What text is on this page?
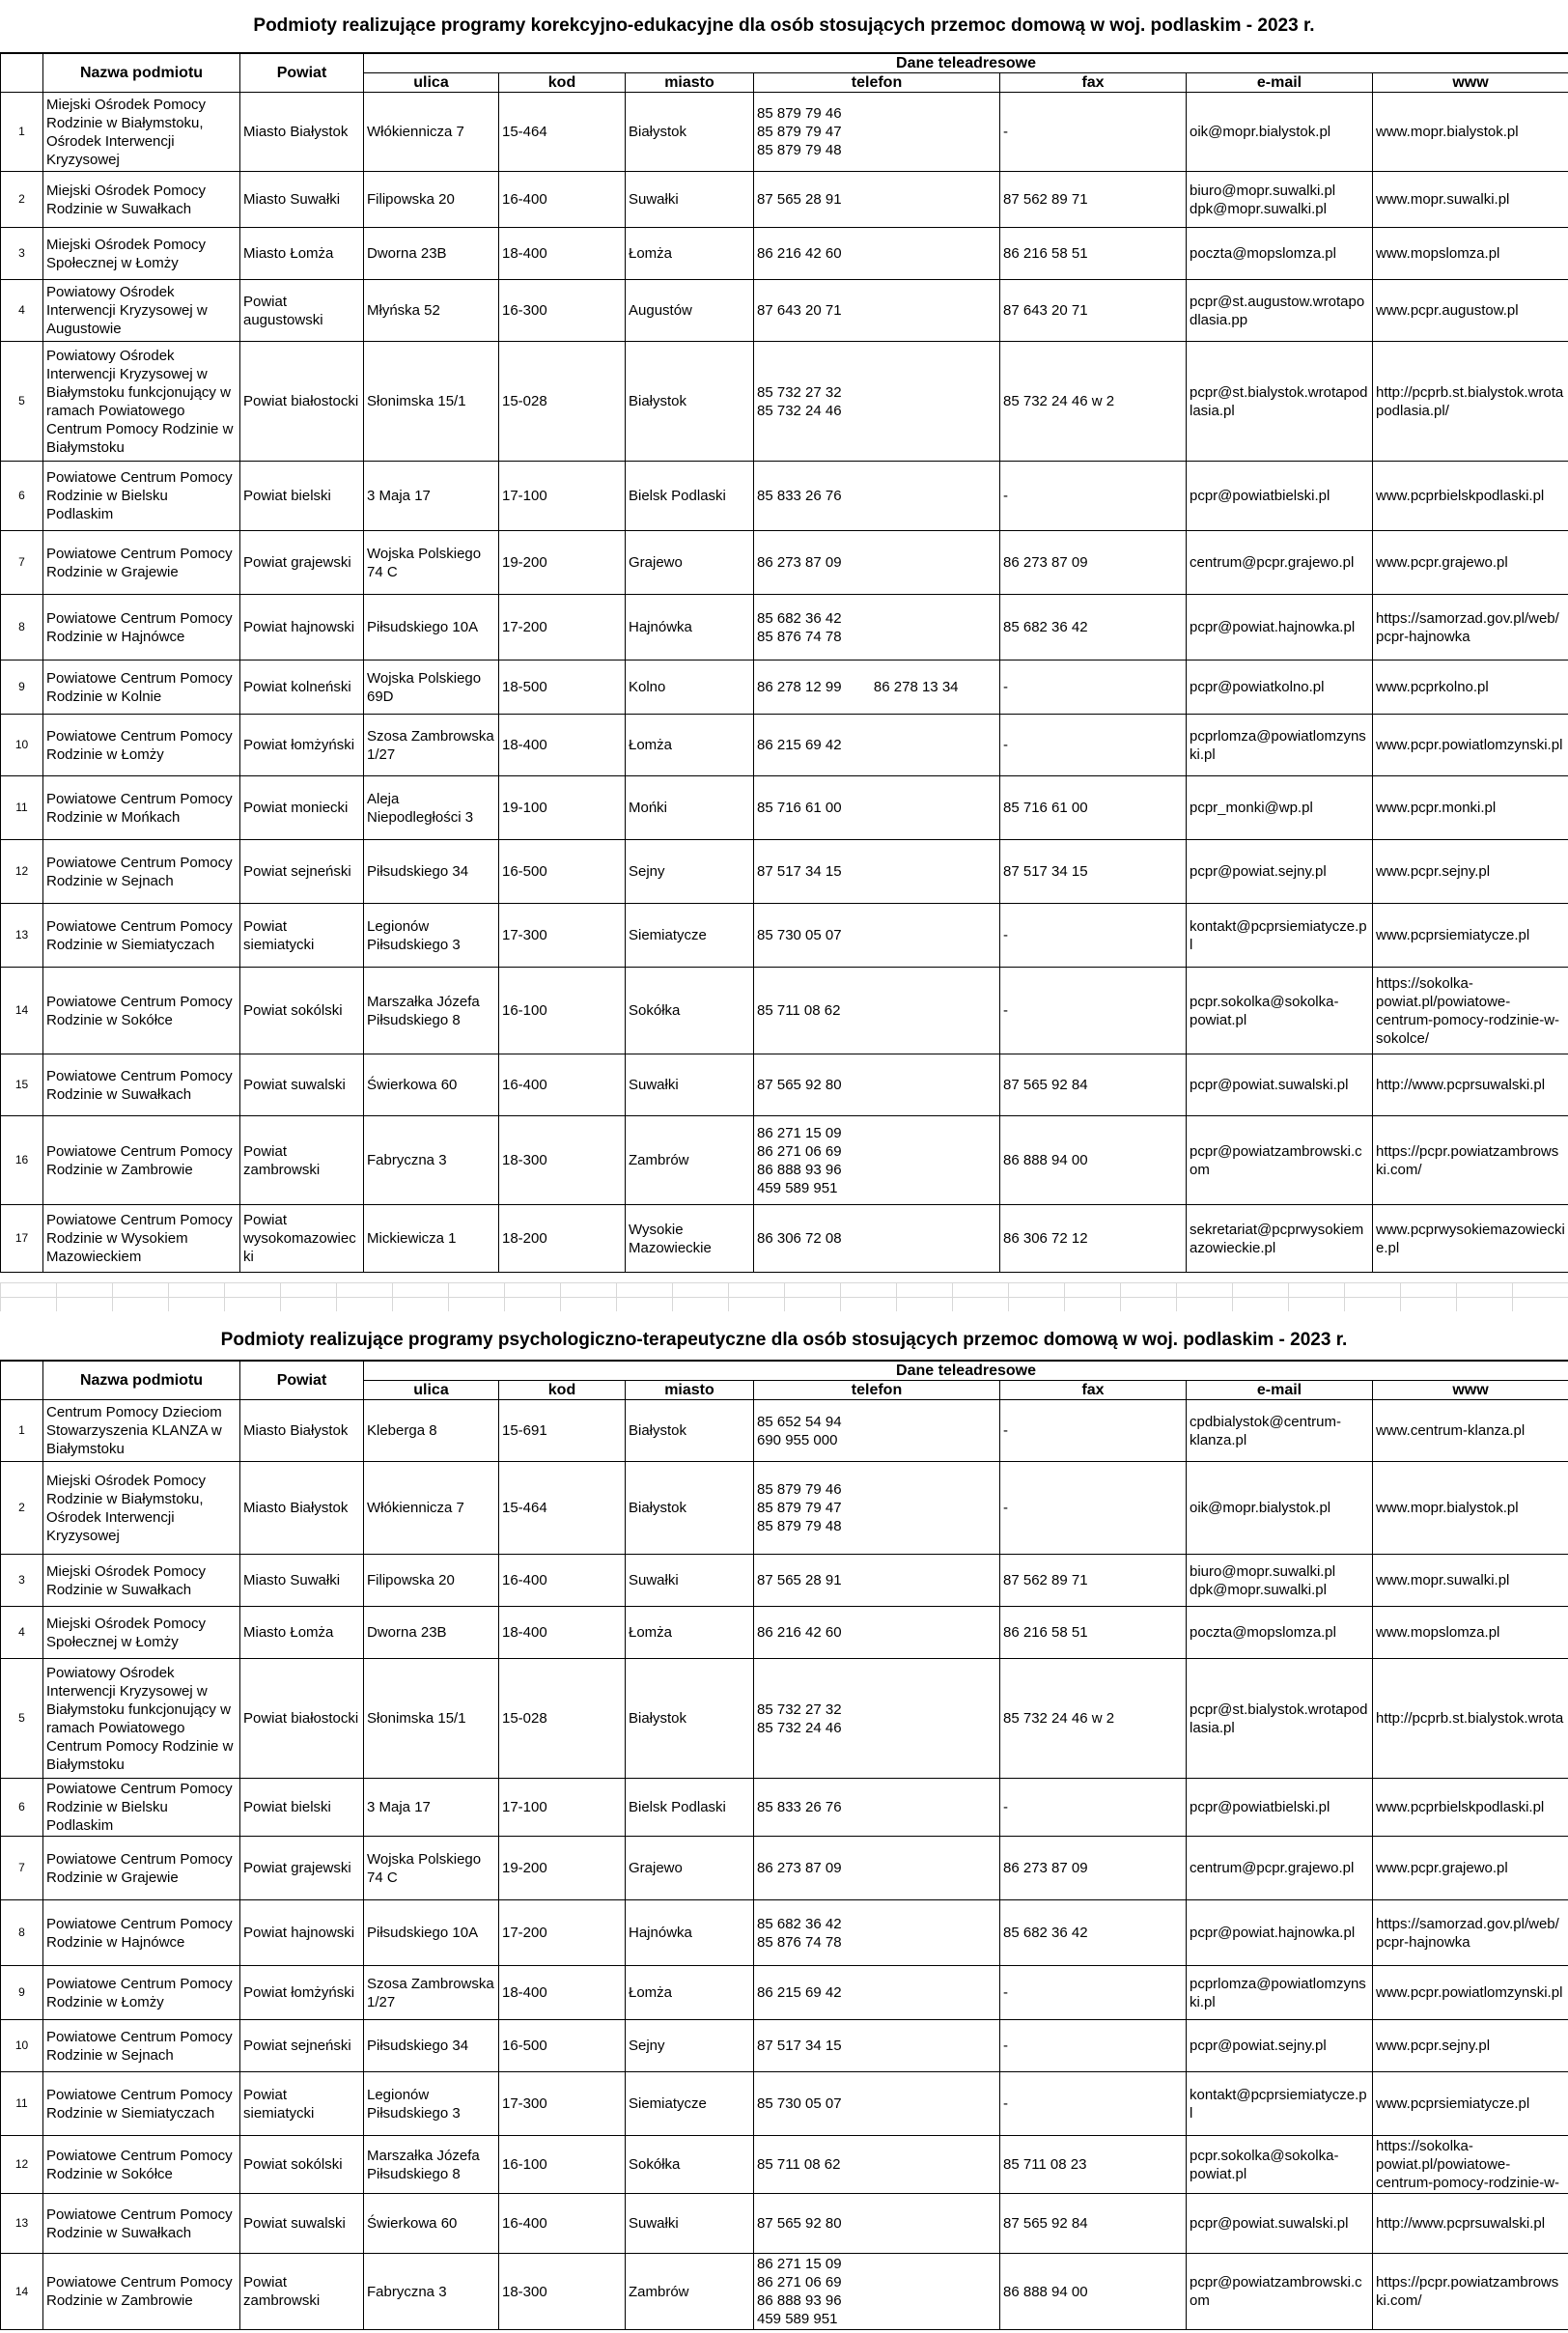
Podmioty realizujące programy korekcyjno-edukacyjne dla osób stosujących przemoc domową w woj. podlaskim - 2023 r.
	Nazwa podmiotu	Powiat	Dane teleadresowe						
			ulica	kod	miasto	telefon	fax	e-mail	www
1	Miejski Ośrodek Pomocy Rodzinie w Białymstoku, Ośrodek Interwencji Kryzysowej	Miasto Białystok	Włókiennicza 7	15-464	Białystok	85 879 79 46
85 879 79 47
85 879 79 48	-	oik@mopr.bialystok.pl	www.mopr.bialystok.pl
2	Miejski Ośrodek Pomocy Rodzinie w Suwałkach	Miasto Suwałki	Filipowska 20	16-400	Suwałki	87 565 28 91	87 562 89 71	biuro@mopr.suwalki.pl
dpk@mopr.suwalki.pl	www.mopr.suwalki.pl
3	Miejski Ośrodek Pomocy Społecznej w Łomży	Miasto Łomża	Dworna 23B	18-400	Łomża	86 216 42 60	86 216 58 51	poczta@mopslomza.pl	www.mopslomza.pl
4	Powiatowy Ośrodek Interwencji Kryzysowej w Augustowie	Powiat augustowski	Młyńska 52	16-300	Augustów	87 643 20 71	87 643 20 71	pcpr@st.augustow.wrotapodlasia.pp	www.pcpr.augustow.pl
5	Powiatowy Ośrodek Interwencji Kryzysowej w Białymstoku funkcjonujący w ramach Powiatowego Centrum Pomocy Rodzinie w Białymstoku	Powiat białostocki	Słonimska 15/1	15-028	Białystok	85 732 27 32
85 732 24 46	85 732 24 46 w 2	pcpr@st.bialystok.wrotapodlasia.pl	http://pcprb.st.bialystok.wrotapodlasia.pl/
6	Powiatowe Centrum Pomocy Rodzinie w Bielsku Podlaskim	Powiat bielski	3 Maja 17	17-100	Bielsk Podlaski	85 833 26 76	-	pcpr@powiatbielski.pl	www.pcprbielskpodlaski.pl
7	Powiatowe Centrum Pomocy Rodzinie w Grajewie	Powiat grajewski	Wojska Polskiego 74 C	19-200	Grajewo	86 273 87 09	86 273 87 09	centrum@pcpr.grajewo.pl	www.pcpr.grajewo.pl
8	Powiatowe Centrum Pomocy Rodzinie w Hajnówce	Powiat hajnowski	Piłsudskiego 10A	17-200	Hajnówka	85 682 36 42
85 876 74 78	85 682 36 42	pcpr@powiat.hajnowka.pl	https://samorzad.gov.pl/web/pcpr-hajnowka
9	Powiatowe Centrum Pomocy Rodzinie w Kolnie	Powiat kolneński	Wojska Polskiego 69D	18-500	Kolno	86 278 12 99        86 278 13 34	-	pcpr@powiatkolno.pl	www.pcprkolno.pl
10	Powiatowe Centrum Pomocy Rodzinie w Łomży	Powiat łomżyński	Szosa Zambrowska 1/27	18-400	Łomża	86 215 69 42	-	pcprlomza@powiatlomzynski.pl	www.pcpr.powiatlomzynski.pl
11	Powiatowe Centrum Pomocy Rodzinie w Mońkach	Powiat moniecki	Aleja Niepodległości 3	19-100	Mońki	85 716 61 00	85 716 61 00	pcpr_monki@wp.pl	www.pcpr.monki.pl
12	Powiatowe Centrum Pomocy Rodzinie w Sejnach	Powiat sejneński	Piłsudskiego 34	16-500	Sejny	87 517 34 15	87 517 34 15	pcpr@powiat.sejny.pl	www.pcpr.sejny.pl
13	Powiatowe Centrum Pomocy Rodzinie w Siemiatyczach	Powiat siemiatycki	Legionów Piłsudskiego 3	17-300	Siemiatycze	85 730 05 07	-	kontakt@pcprsiemiatycze.pl	www.pcprsiemiatycze.pl
14	Powiatowe Centrum Pomocy Rodzinie w Sokółce	Powiat sokólski	Marszałka Józefa Piłsudskiego 8	16-100	Sokółka	85 711 08 62	-	pcpr.sokolka@sokolka-powiat.pl	https://sokolka-powiat.pl/powiatowe-centrum-pomocy-rodzinie-w-sokolce/
15	Powiatowe Centrum Pomocy Rodzinie w Suwałkach	Powiat suwalski	Świerkowa 60	16-400	Suwałki	87 565 92 80	87 565 92 84	pcpr@powiat.suwalski.pl	http://www.pcprsuwalski.pl
16	Powiatowe Centrum Pomocy Rodzinie w Zambrowie	Powiat zambrowski	Fabryczna 3	18-300	Zambrów	86 271 15 09
86 271 06 69
86 888 93 96
459 589 951	86 888 94 00	pcpr@powiatzambrowski.com	https://pcpr.powiatzambrowski.com/
17	Powiatowe Centrum Pomocy Rodzinie w Wysokiem Mazowieckiem	Powiat wysokomazowiecki	Mickiewicza 1	18-200	Wysokie Mazowieckie	86 306 72 08	86 306 72 12	sekretariat@pcprwysokiemazowieckie.pl	www.pcprwysokiemazowieckie.pl
Podmioty realizujące programy psychologiczno-terapeutyczne dla osób stosujących przemoc domową w woj. podlaskim - 2023 r.
	Nazwa podmiotu	Powiat	Dane teleadresowe						
			ulica	kod	miasto	telefon	fax	e-mail	www
1	Centrum Pomocy Dzieciom Stowarzyszenia KLANZA w Białymstoku	Miasto Białystok	Kleberga 8	15-691	Białystok	85 652 54 94
690 955 000	-	cpdbialystok@centrum-klanza.pl	www.centrum-klanza.pl
2	Miejski Ośrodek Pomocy Rodzinie w Białymstoku, Ośrodek Interwencji Kryzysowej	Miasto Białystok	Włókiennicza 7	15-464	Białystok	85 879 79 46
85 879 79 47
85 879 79 48	-	oik@mopr.bialystok.pl	www.mopr.bialystok.pl
3	Miejski Ośrodek Pomocy Rodzinie w Suwałkach	Miasto Suwałki	Filipowska 20	16-400	Suwałki	87 565 28 91	87 562 89 71	biuro@mopr.suwalki.pl
dpk@mopr.suwalki.pl	www.mopr.suwalki.pl
4	Miejski Ośrodek Pomocy Społecznej w Łomży	Miasto Łomża	Dworna 23B	18-400	Łomża	86 216 42 60	86 216 58 51	poczta@mopslomza.pl	www.mopslomza.pl
5	Powiatowy Ośrodek Interwencji Kryzysowej w Białymstoku funkcjonujący w ramach Powiatowego Centrum Pomocy Rodzinie w Białymstoku	Powiat białostocki	Słonimska 15/1	15-028	Białystok	85 732 27 32
85 732 24 46	85 732 24 46 w 2	pcpr@st.bialystok.wrotapodlasia.pl	http://pcprb.st.bialystok.wrota
6	Powiatowe Centrum Pomocy Rodzinie w Bielsku Podlaskim	Powiat bielski	3 Maja 17	17-100	Bielsk Podlaski	85 833 26 76	-	pcpr@powiatbielski.pl	www.pcprbielskpodlaski.pl
7	Powiatowe Centrum Pomocy Rodzinie w Grajewie	Powiat grajewski	Wojska Polskiego 74 C	19-200	Grajewo	86 273 87 09	86 273 87 09	centrum@pcpr.grajewo.pl	www.pcpr.grajewo.pl
8	Powiatowe Centrum Pomocy Rodzinie w Hajnówce	Powiat hajnowski	Piłsudskiego 10A	17-200	Hajnówka	85 682 36 42
85 876 74 78	85 682 36 42	pcpr@powiat.hajnowka.pl	https://samorzad.gov.pl/web/pcpr-hajnowka
9	Powiatowe Centrum Pomocy Rodzinie w Łomży	Powiat łomżyński	Szosa Zambrowska 1/27	18-400	Łomża	86 215 69 42	-	pcprlomza@powiatlomzynski.pl	www.pcpr.powiatlomzynski.pl
10	Powiatowe Centrum Pomocy Rodzinie w Sejnach	Powiat sejneński	Piłsudskiego 34	16-500	Sejny	87 517 34 15	-	pcpr@powiat.sejny.pl	www.pcpr.sejny.pl
11	Powiatowe Centrum Pomocy Rodzinie w Siemiatyczach	Powiat siemiatycki	Legionów Piłsudskiego 3	17-300	Siemiatycze	85 730 05 07	-	kontakt@pcprsiemiatycze.pl	www.pcprsiemiatycze.pl
12	Powiatowe Centrum Pomocy Rodzinie w Sokółce	Powiat sokólski	Marszałka Józefa Piłsudskiego 8	16-100	Sokółka	85 711 08 62	85 711 08 23	pcpr.sokolka@sokolka-powiat.pl	https://sokolka-powiat.pl/powiatowe-centrum-pomocy-rodzinie-w-
13	Powiatowe Centrum Pomocy Rodzinie w Suwałkach	Powiat suwalski	Świerkowa 60	16-400	Suwałki	87 565 92 80	87 565 92 84	pcpr@powiat.suwalski.pl	http://www.pcprsuwalski.pl
14	Powiatowe Centrum Pomocy Rodzinie w Zambrowie	Powiat zambrowski	Fabryczna 3	18-300	Zambrów	86 271 15 09
86 271 06 69
86 888 93 96
459 589 951	86 888 94 00	pcpr@powiatzambrowski.com	https://pcpr.powiatzambrowski.com/
